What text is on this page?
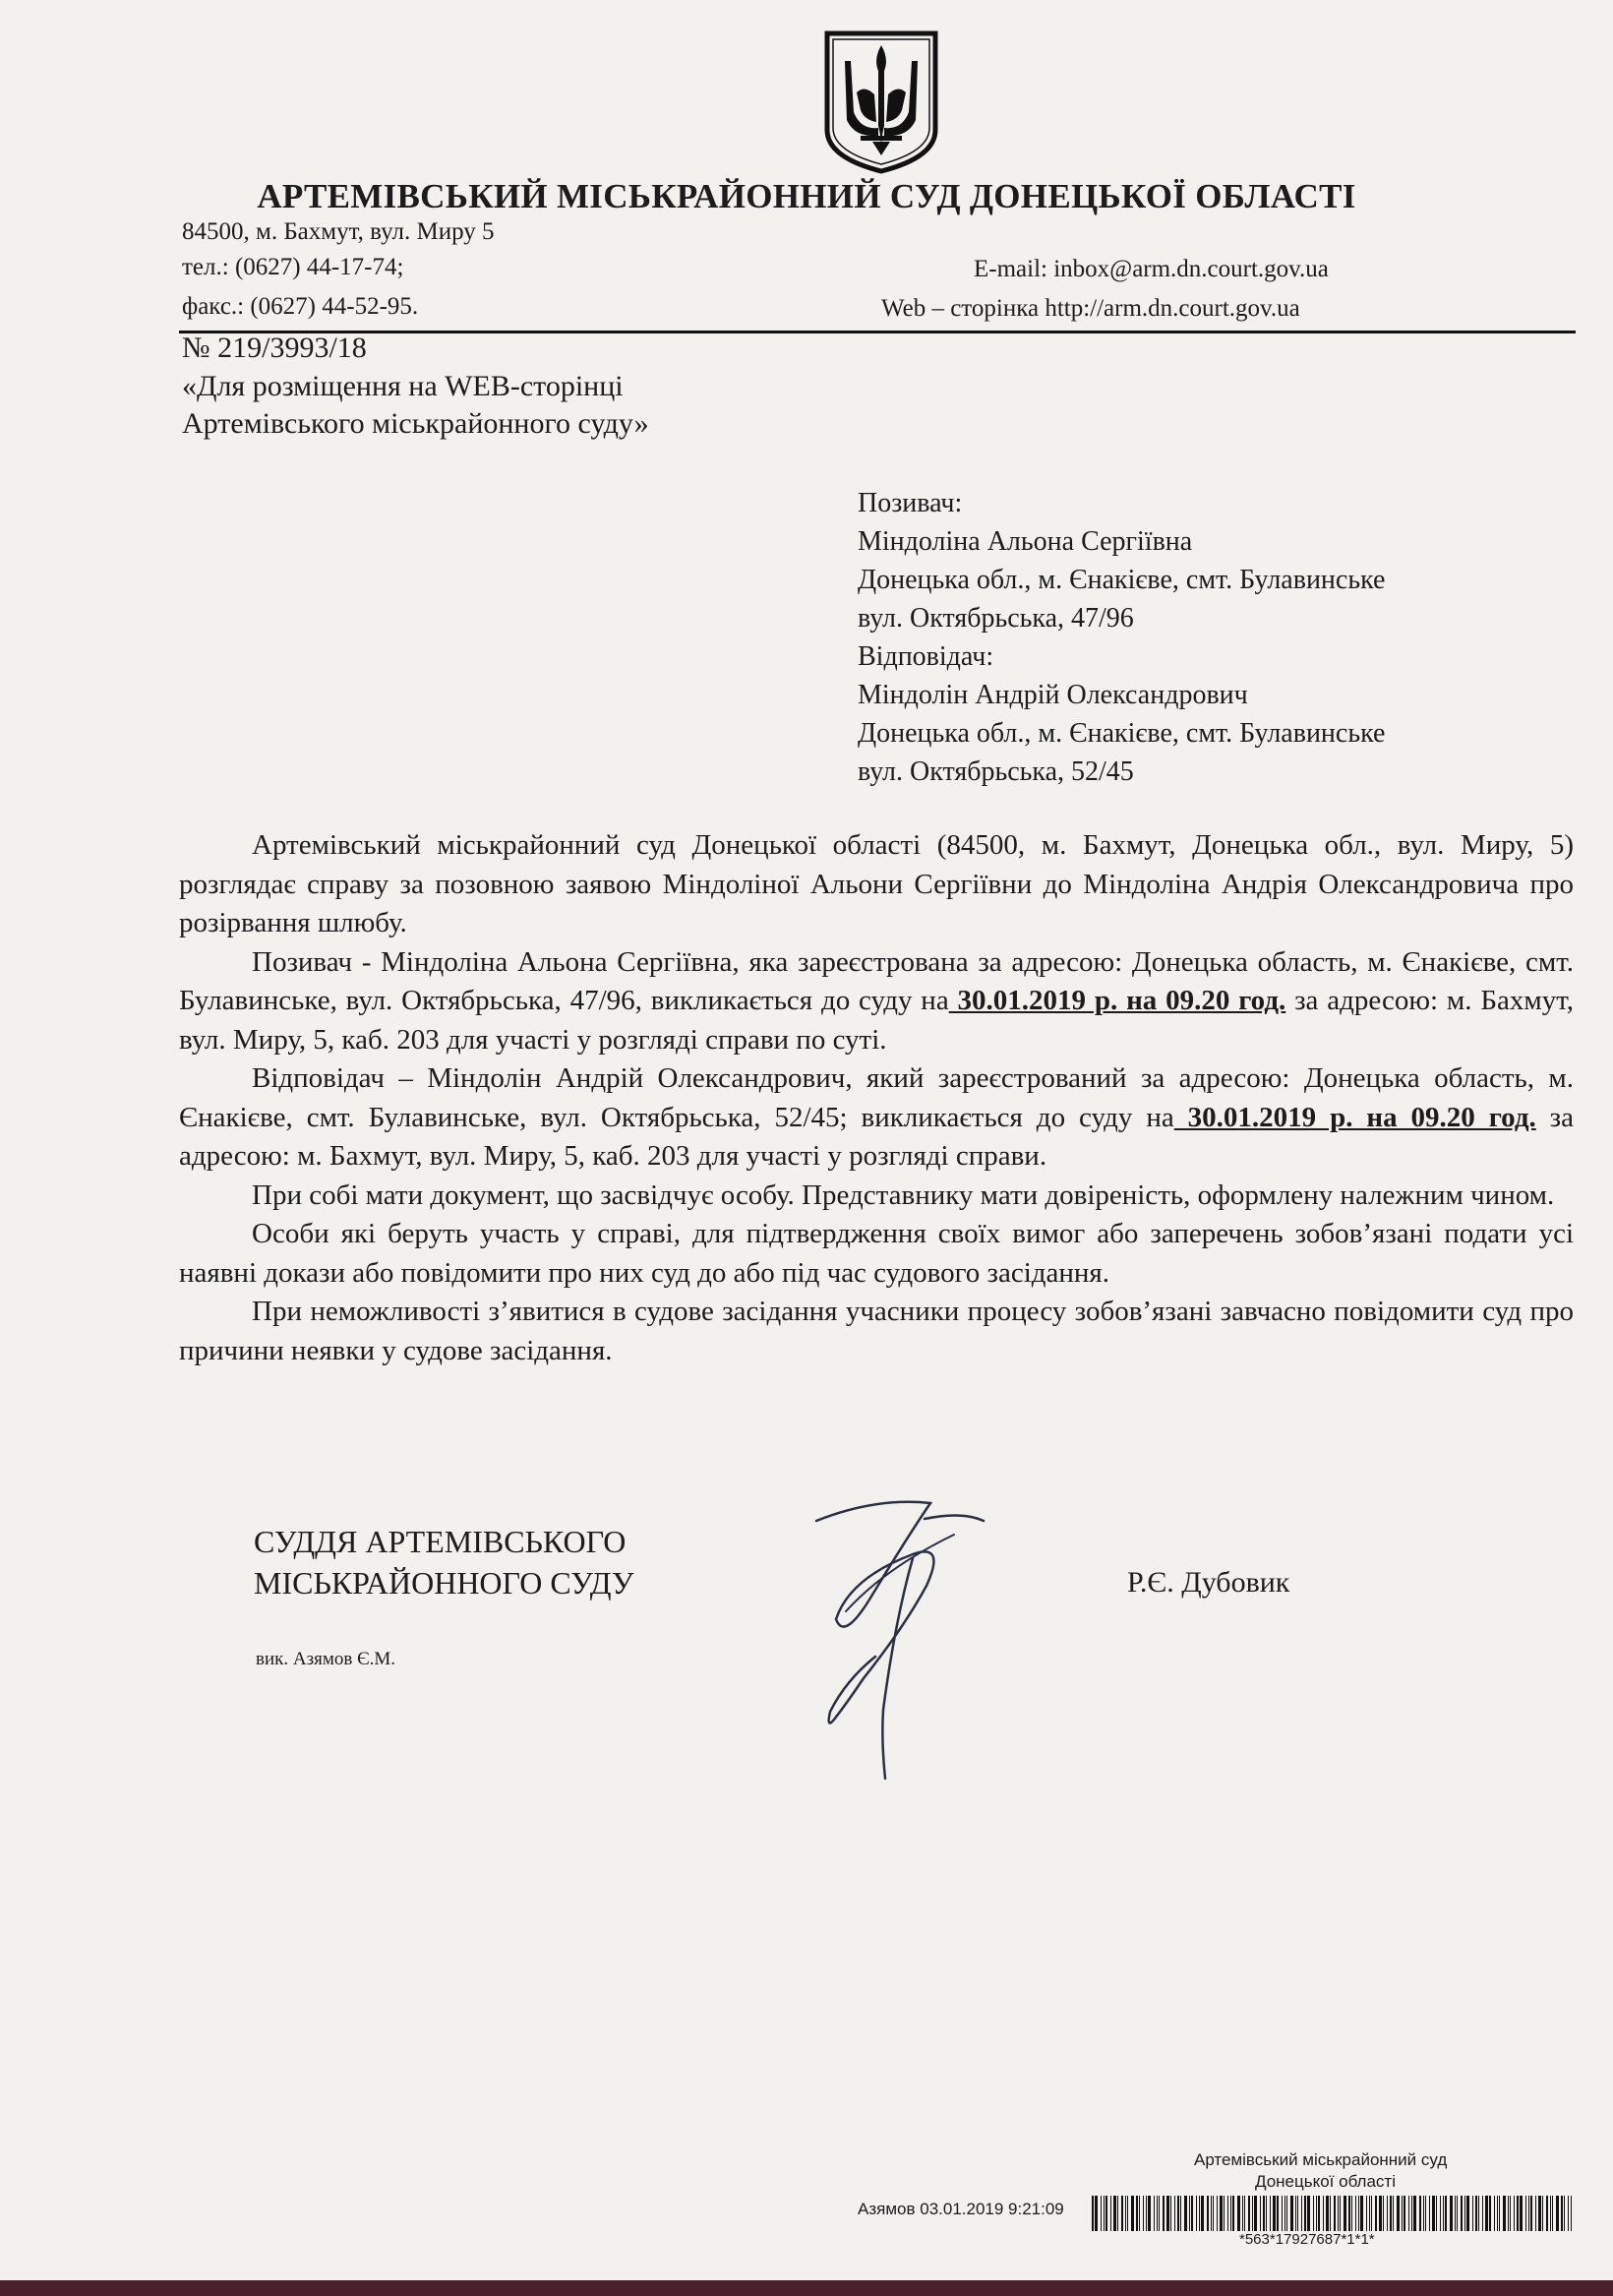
АРТЕМІВСЬКИЙ МІСЬКРАЙОННИЙ СУД ДОНЕЦЬКОЇ ОБЛАСТІ
84500, м. Бахмут, вул. Миру 5
тел.: (0627) 44-17-74;
факс.: (0627) 44-52-95.
E-mail: inbox@arm.dn.court.gov.ua
Web – сторінка http://arm.dn.court.gov.ua
№ 219/3993/18
«Для розміщення на WEB-сторінці
Артемівського міськрайонного суду»
Позивач:
Міндоліна Альона Сергіївна
Донецька обл., м. Єнакієве, смт. Булавинське
вул. Октябрьська, 47/96
Відповідач:
Міндолін Андрій Олександрович
Донецька обл., м. Єнакієве, смт. Булавинське
вул. Октябрьська, 52/45

Артемівський міськрайонний суд Донецької області (84500, м. Бахмут, Донецька обл., вул. Миру, 5) розглядає справу за позовною заявою Міндоліної Альони Сергіївни до Міндоліна Андрія Олександровича про розірвання шлюбу.

Позивач - Міндоліна Альона Сергіївна, яка зареєстрована за адресою: Донецька область, м. Єнакієве, смт. Булавинське, вул. Октябрьська, 47/96, викликається до суду на 30.01.2019 р. на 09.20 год. за адресою: м. Бахмут, вул. Миру, 5, каб. 203 для участі у розгляді справи по суті.

Відповідач – Міндолін Андрій Олександрович, який зареєстрований за адресою: Донецька область, м. Єнакієве, смт. Булавинське, вул. Октябрьська, 52/45; викликається до суду на 30.01.2019 р. на 09.20 год. за адресою: м. Бахмут, вул. Миру, 5, каб. 203 для участі у розгляді справи.

При собі мати документ, що засвідчує особу. Представнику мати довіреність, оформлену належним чином.

Особи які беруть участь у справі, для підтвердження своїх вимог або заперечень зобов’язані подати усі наявні докази або повідомити про них суд до або під час судового засідання.

При неможливості з’явитися в судове засідання учасники процесу зобов’язані завчасно повідомити суд про причини неявки у судове засідання.

СУДДЯ АРТЕМІВСЬКОГО
МІСЬКРАЙОННОГО СУДУ	Р.Є. Дубовик
вик. Азямов Є.М.
Артемівський міськрайонний суд
Донецької області
Азямов 03.01.2019 9:21:09
*563*17927687*1*1*
